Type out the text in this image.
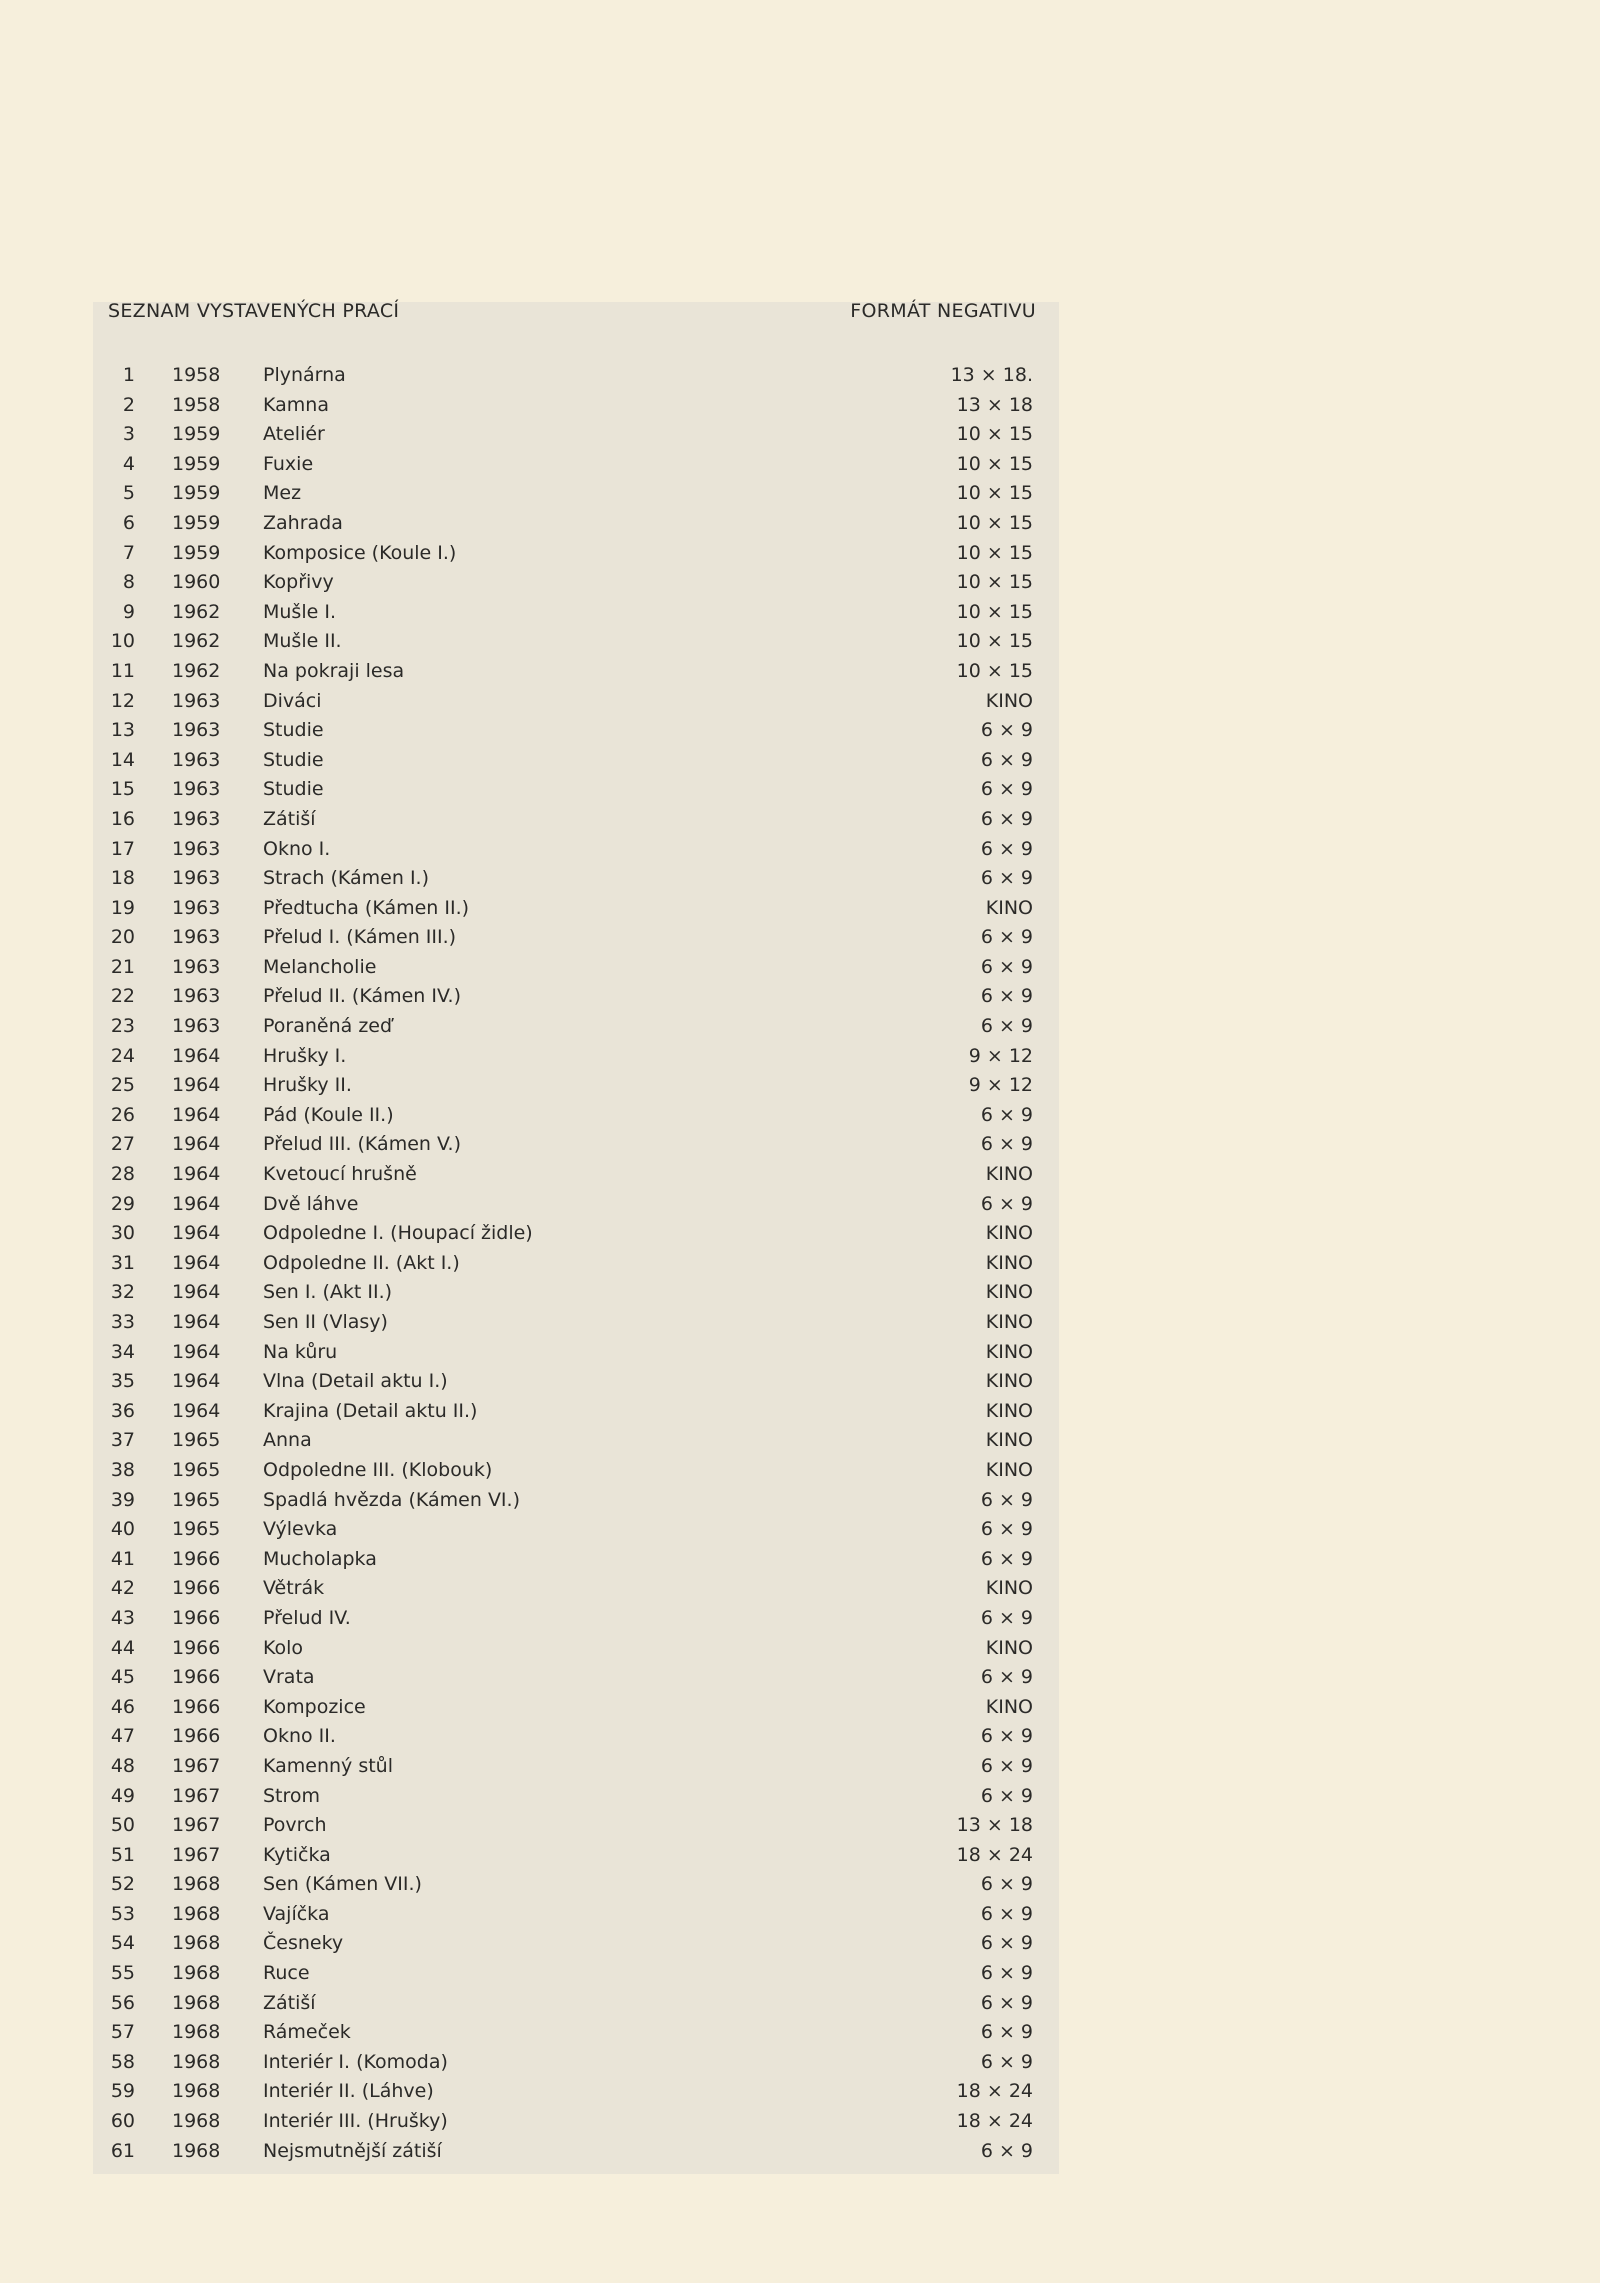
SEZNAM VYSTAVENÝCH PRACÍ	FORMÁT NEGATIVU
1 1958 Plynárna	13 × 18.
2 1958 Kamna	13 × 18
3 1959 Ateliér	10 × 15
4 1959 Fuxie	10 × 15
5 1959 Mez	10 × 15
6 1959 Zahrada	10 × 15
7 1959 Komposice (Koule I.)	10 × 15
8 1960 Kopřivy	10 × 15
9 1962 Mušle I.	10 × 15
10 1962 Mušle II.	10 × 15
11 1962 Na pokraji lesa	10 × 15
12 1963 Diváci	KINO
13 1963 Studie	6 × 9
14 1963 Studie	6 × 9
15 1963 Studie	6 × 9
16 1963 Zátiší	6 × 9
17 1963 Okno I.	6 × 9
18 1963 Strach (Kámen I.)	6 × 9
19 1963 Předtucha (Kámen II.)	KINO
20 1963 Přelud I. (Kámen III.)	6 × 9
21 1963 Melancholie	6 × 9
22 1963 Přelud II. (Kámen IV.)	6 × 9
23 1963 Poraněná zeď	6 × 9
24 1964 Hrušky I.	9 × 12
25 1964 Hrušky II.	9 × 12
26 1964 Pád (Koule II.)	6 × 9
27 1964 Přelud III. (Kámen V.)	6 × 9
28 1964 Kvetoucí hrušně	KINO
29 1964 Dvě láhve	6 × 9
30 1964 Odpoledne I. (Houpací židle)	KINO
31 1964 Odpoledne II. (Akt I.)	KINO
32 1964 Sen I. (Akt II.)	KINO
33 1964 Sen II (Vlasy)	KINO
34 1964 Na kůru	KINO
35 1964 Vlna (Detail aktu I.)	KINO
36 1964 Krajina (Detail aktu II.)	KINO
37 1965 Anna	KINO
38 1965 Odpoledne III. (Klobouk)	KINO
39 1965 Spadlá hvězda (Kámen VI.)	6 × 9
40 1965 Výlevka	6 × 9
41 1966 Mucholapka	6 × 9
42 1966 Větrák	KINO
43 1966 Přelud IV.	6 × 9
44 1966 Kolo	KINO
45 1966 Vrata	6 × 9
46 1966 Kompozice	KINO
47 1966 Okno II.	6 × 9
48 1967 Kamenný stůl	6 × 9
49 1967 Strom	6 × 9
50 1967 Povrch	13 × 18
51 1967 Kytička	18 × 24
52 1968 Sen (Kámen VII.)	6 × 9
53 1968 Vajíčka	6 × 9
54 1968 Česneky	6 × 9
55 1968 Ruce	6 × 9
56 1968 Zátiší	6 × 9
57 1968 Rámeček	6 × 9
58 1968 Interiér I. (Komoda)	6 × 9
59 1968 Interiér II. (Láhve)	18 × 24
60 1968 Interiér III. (Hrušky)	18 × 24
61 1968 Nejsmutnější zátiší	6 × 9
